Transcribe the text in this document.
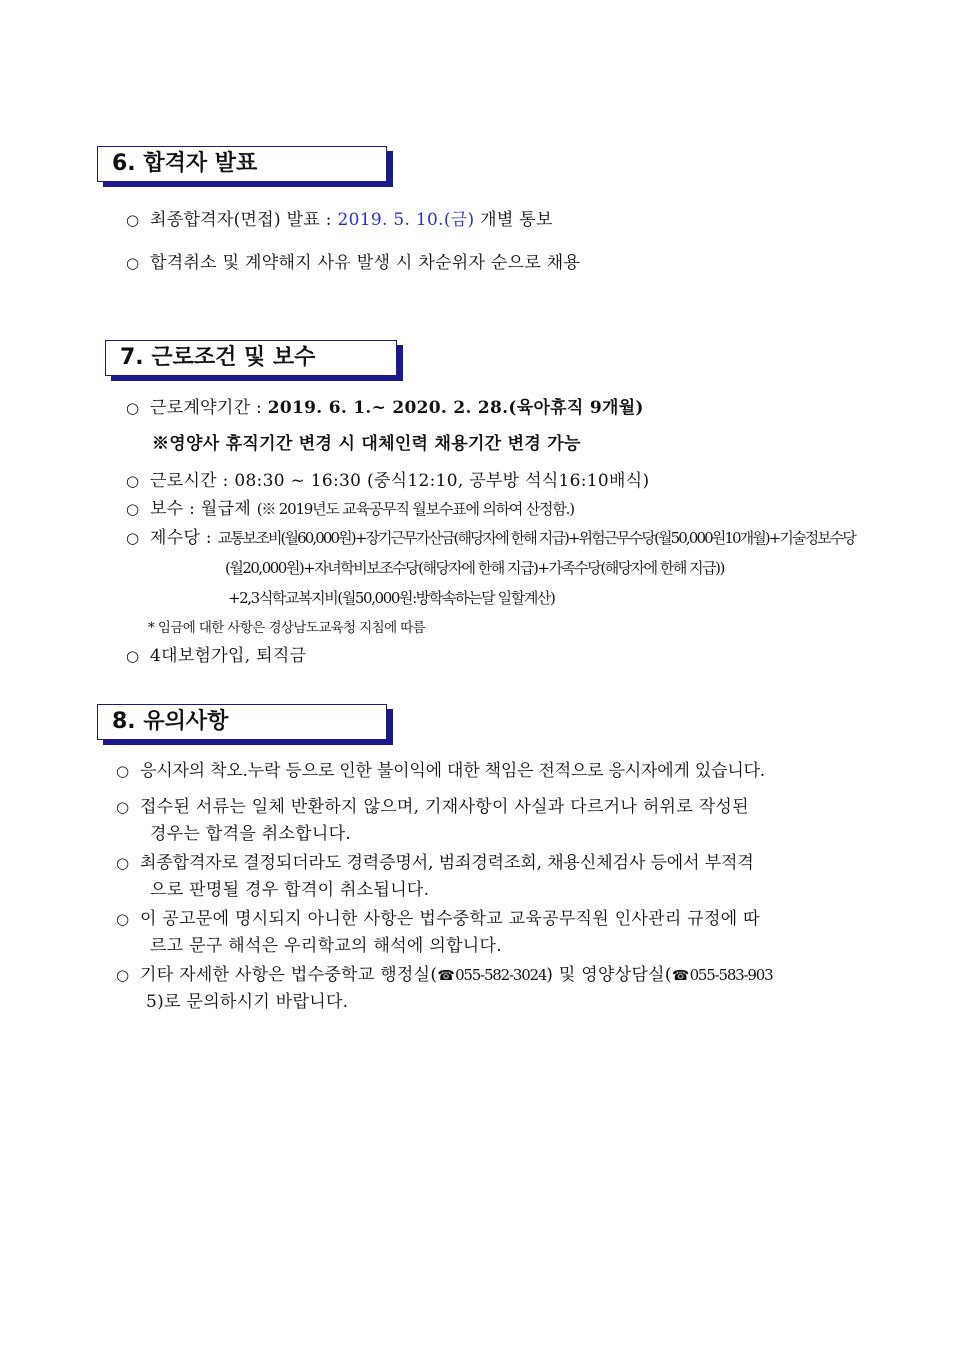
6. 합격자 발표
○ 최종합격자(면접) 발표 : 2019. 5. 10.(금) 개별 통보
○ 합격취소 및 계약해지 사유 발생 시 차순위자 순으로 채용
7. 근로조건 및 보수
○ 근로계약기간 : 2019. 6. 1.~ 2020. 2. 28.(육아휴직 9개월)
※영양사 휴직기간 변경 시 대체인력 채용기간 변경 가능
○ 근로시간 : 08:30 ~ 16:30 (중식12:10, 공부방 석식16:10배식)
○ 보수 : 월급제 (※ 2019년도 교육공무직 월보수표에 의하여 산정함.)
○ 제수당 : 교통보조비(월60,000원)+장기근무가산금(해당자에 한해 지급)+위험근무수당(월50,000원10개월)+기술정보수당
(월20,000원)+자녀학비보조수당(해당자에 한해 지급)+가족수당(해당자에 한해 지급))
+2,3식학교복지비(월50,000원:방학속하는달 일할계산)
* 임금에 대한 사항은 경상남도교육청 지침에 따름
○ 4대보험가입, 퇴직금
8. 유의사항
○ 응시자의 착오.누락 등으로 인한 불이익에 대한 책임은 전적으로 응시자에게 있습니다.
○ 접수된 서류는 일체 반환하지 않으며, 기재사항이 사실과 다르거나 허위로 작성된
경우는 합격을 취소합니다.
○ 최종합격자로 결정되더라도 경력증명서, 범죄경력조회, 채용신체검사 등에서 부적격
으로 판명될 경우 합격이 취소됩니다.
○ 이 공고문에 명시되지 아니한 사항은 법수중학교 교육공무직원 인사관리 규정에 따
르고 문구 해석은 우리학교의 해석에 의합니다.
○ 기타 자세한 사항은 법수중학교 행정실(☎055-582-3024) 및 영양상담실(☎055-583-903
5)로 문의하시기 바랍니다.
